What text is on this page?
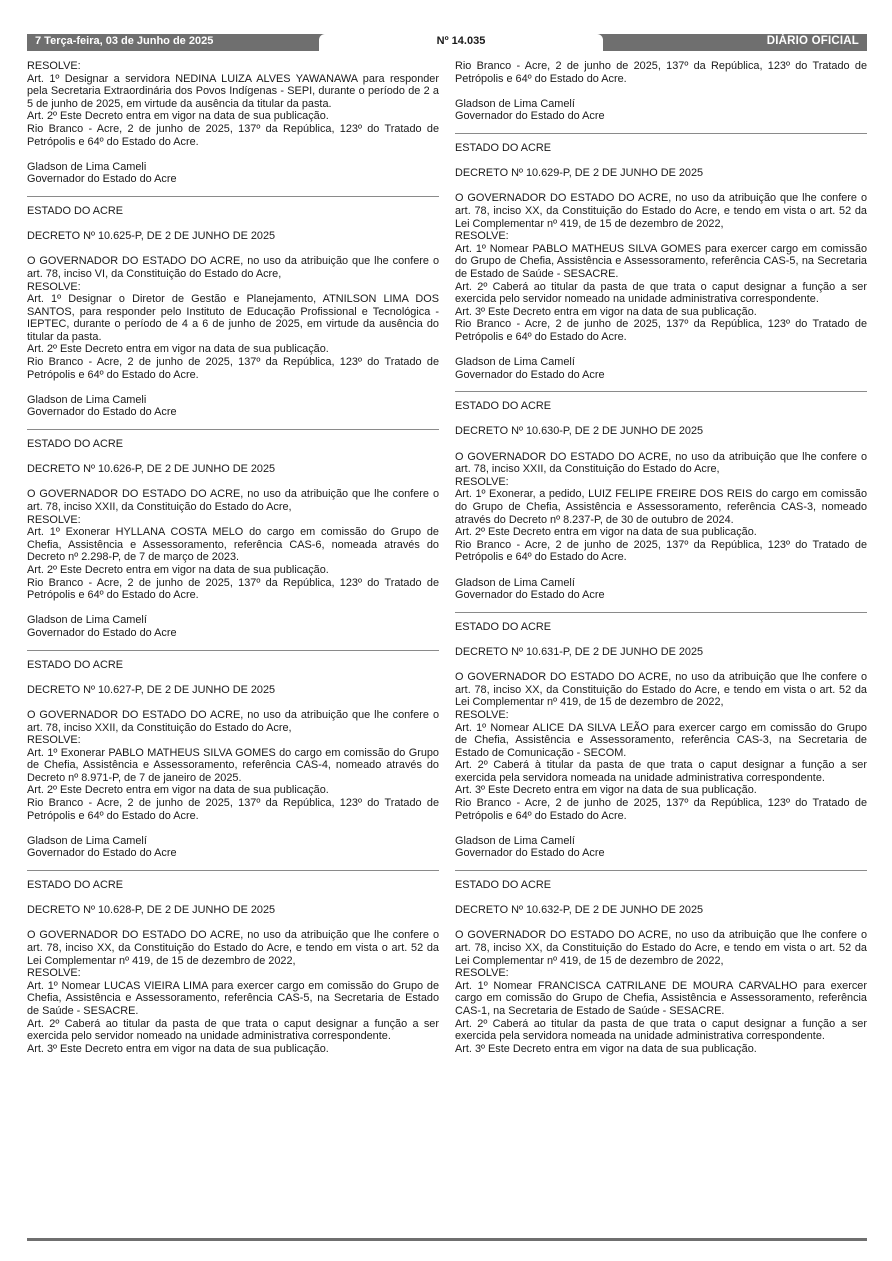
7 Terça-feira, 03 de Junho de 2025	Nº 14.035	DIÁRIO OFICIAL

RESOLVE:

Art. 1º Designar a servidora NEDINA LUIZA ALVES YAWANAWA para responder pela Secretaria Extraordinária dos Povos Indígenas - SEPI, durante o período de 2 a 5 de junho de 2025, em virtude da ausência da titular da pasta.

Art. 2º Este Decreto entra em vigor na data de sua publicação.

Rio Branco - Acre, 2 de junho de 2025, 137º da República, 123º do Tratado de Petrópolis e 64º do Estado do Acre.

Gladson de Lima Cameli

Governador do Estado do Acre

ESTADO DO ACRE

DECRETO Nº 10.625-P, DE 2 DE JUNHO DE 2025

O GOVERNADOR DO ESTADO DO ACRE, no uso da atribuição que lhe confere o art. 78, inciso VI, da Constituição do Estado do Acre,

RESOLVE:

Art. 1º Designar o Diretor de Gestão e Planejamento, ATNILSON LIMA DOS SANTOS, para responder pelo Instituto de Educação Profissional e Tecnológica - IEPTEC, durante o período de 4 a 6 de junho de 2025, em virtude da ausência do titular da pasta.

Art. 2º Este Decreto entra em vigor na data de sua publicação.

Rio Branco - Acre, 2 de junho de 2025, 137º da República, 123º do Tratado de Petrópolis e 64º do Estado do Acre.

Gladson de Lima Cameli

Governador do Estado do Acre

ESTADO DO ACRE

DECRETO Nº 10.626-P, DE 2 DE JUNHO DE 2025

O GOVERNADOR DO ESTADO DO ACRE, no uso da atribuição que lhe confere o art. 78, inciso XXII, da Constituição do Estado do Acre,

RESOLVE:

Art. 1º Exonerar HYLLANA COSTA MELO do cargo em comissão do Grupo de Chefia, Assistência e Assessoramento, referência CAS-6, nomeada através do Decreto nº 2.298-P, de 7 de março de 2023.

Art. 2º Este Decreto entra em vigor na data de sua publicação.

Rio Branco - Acre, 2 de junho de 2025, 137º da República, 123º do Tratado de Petrópolis e 64º do Estado do Acre.

Gladson de Lima Camelí

Governador do Estado do Acre

ESTADO DO ACRE

DECRETO Nº 10.627-P, DE 2 DE JUNHO DE 2025

O GOVERNADOR DO ESTADO DO ACRE, no uso da atribuição que lhe confere o art. 78, inciso XXII, da Constituição do Estado do Acre,

RESOLVE:

Art. 1º Exonerar PABLO MATHEUS SILVA GOMES do cargo em comissão do Grupo de Chefia, Assistência e Assessoramento, referência CAS-4, nomeado através do Decreto nº 8.971-P, de 7 de janeiro de 2025.

Art. 2º Este Decreto entra em vigor na data de sua publicação.

Rio Branco - Acre, 2 de junho de 2025, 137º da República, 123º do Tratado de Petrópolis e 64º do Estado do Acre.

Gladson de Lima Camelí

Governador do Estado do Acre

ESTADO DO ACRE

DECRETO Nº 10.628-P, DE 2 DE JUNHO DE 2025

O GOVERNADOR DO ESTADO DO ACRE, no uso da atribuição que lhe confere o art. 78, inciso XX, da Constituição do Estado do Acre, e tendo em vista o art. 52 da Lei Complementar nº 419, de 15 de dezembro de 2022,

RESOLVE:

Art. 1º Nomear LUCAS VIEIRA LIMA para exercer cargo em comissão do Grupo de Chefia, Assistência e Assessoramento, referência CAS-5, na Secretaria de Estado de Saúde - SESACRE.

Art. 2º Caberá ao titular da pasta de que trata o caput designar a função a ser exercida pelo servidor nomeado na unidade administrativa correspondente.

Art. 3º Este Decreto entra em vigor na data de sua publicação.

Rio Branco - Acre, 2 de junho de 2025, 137º da República, 123º do Tratado de Petrópolis e 64º do Estado do Acre.

Gladson de Lima Camelí

Governador do Estado do Acre

ESTADO DO ACRE

DECRETO Nº 10.629-P, DE 2 DE JUNHO DE 2025

O GOVERNADOR DO ESTADO DO ACRE, no uso da atribuição que lhe confere o art. 78, inciso XX, da Constituição do Estado do Acre, e tendo em vista o art. 52 da Lei Complementar nº 419, de 15 de dezembro de 2022,

RESOLVE:

Art. 1º Nomear PABLO MATHEUS SILVA GOMES para exercer cargo em comissão do Grupo de Chefia, Assistência e Assessoramento, referência CAS-5, na Secretaria de Estado de Saúde - SESACRE.

Art. 2º Caberá ao titular da pasta de que trata o caput designar a função a ser exercida pelo servidor nomeado na unidade administrativa correspondente.

Art. 3º Este Decreto entra em vigor na data de sua publicação.

Rio Branco - Acre, 2 de junho de 2025, 137º da República, 123º do Tratado de Petrópolis e 64º do Estado do Acre.

Gladson de Lima Camelí

Governador do Estado do Acre

ESTADO DO ACRE

DECRETO Nº 10.630-P, DE 2 DE JUNHO DE 2025

O GOVERNADOR DO ESTADO DO ACRE, no uso da atribuição que lhe confere o art. 78, inciso XXII, da Constituição do Estado do Acre,

RESOLVE:

Art. 1º Exonerar, a pedido, LUIZ FELIPE FREIRE DOS REIS do cargo em comissão do Grupo de Chefia, Assistência e Assessoramento, referência CAS-3, nomeado através do Decreto nº 8.237-P, de 30 de outubro de 2024.

Art. 2º Este Decreto entra em vigor na data de sua publicação.

Rio Branco - Acre, 2 de junho de 2025, 137º da República, 123º do Tratado de Petrópolis e 64º do Estado do Acre.

Gladson de Lima Camelí

Governador do Estado do Acre

ESTADO DO ACRE

DECRETO Nº 10.631-P, DE 2 DE JUNHO DE 2025

O GOVERNADOR DO ESTADO DO ACRE, no uso da atribuição que lhe confere o art. 78, inciso XX, da Constituição do Estado do Acre, e tendo em vista o art. 52 da Lei Complementar nº 419, de 15 de dezembro de 2022,

RESOLVE:

Art. 1º Nomear ALICE DA SILVA LEÃO para exercer cargo em comissão do Grupo de Chefia, Assistência e Assessoramento, referência CAS-3, na Secretaria de Estado de Comunicação - SECOM.

Art. 2º Caberá à titular da pasta de que trata o caput designar a função a ser exercida pela servidora nomeada na unidade administrativa correspondente.

Art. 3º Este Decreto entra em vigor na data de sua publicação.

Rio Branco - Acre, 2 de junho de 2025, 137º da República, 123º do Tratado de Petrópolis e 64º do Estado do Acre.

Gladson de Lima Camelí

Governador do Estado do Acre

ESTADO DO ACRE

DECRETO Nº 10.632-P, DE 2 DE JUNHO DE 2025

O GOVERNADOR DO ESTADO DO ACRE, no uso da atribuição que lhe confere o art. 78, inciso XX, da Constituição do Estado do Acre, e tendo em vista o art. 52 da Lei Complementar nº 419, de 15 de dezembro de 2022,

RESOLVE:

Art. 1º Nomear FRANCISCA CATRILANE DE MOURA CARVALHO para exercer cargo em comissão do Grupo de Chefia, Assistência e Assessoramento, referência CAS-1, na Secretaria de Estado de Saúde - SESACRE.

Art. 2º Caberá ao titular da pasta de que trata o caput designar a função a ser exercida pela servidora nomeada na unidade administrativa correspondente.

Art. 3º Este Decreto entra em vigor na data de sua publicação.
